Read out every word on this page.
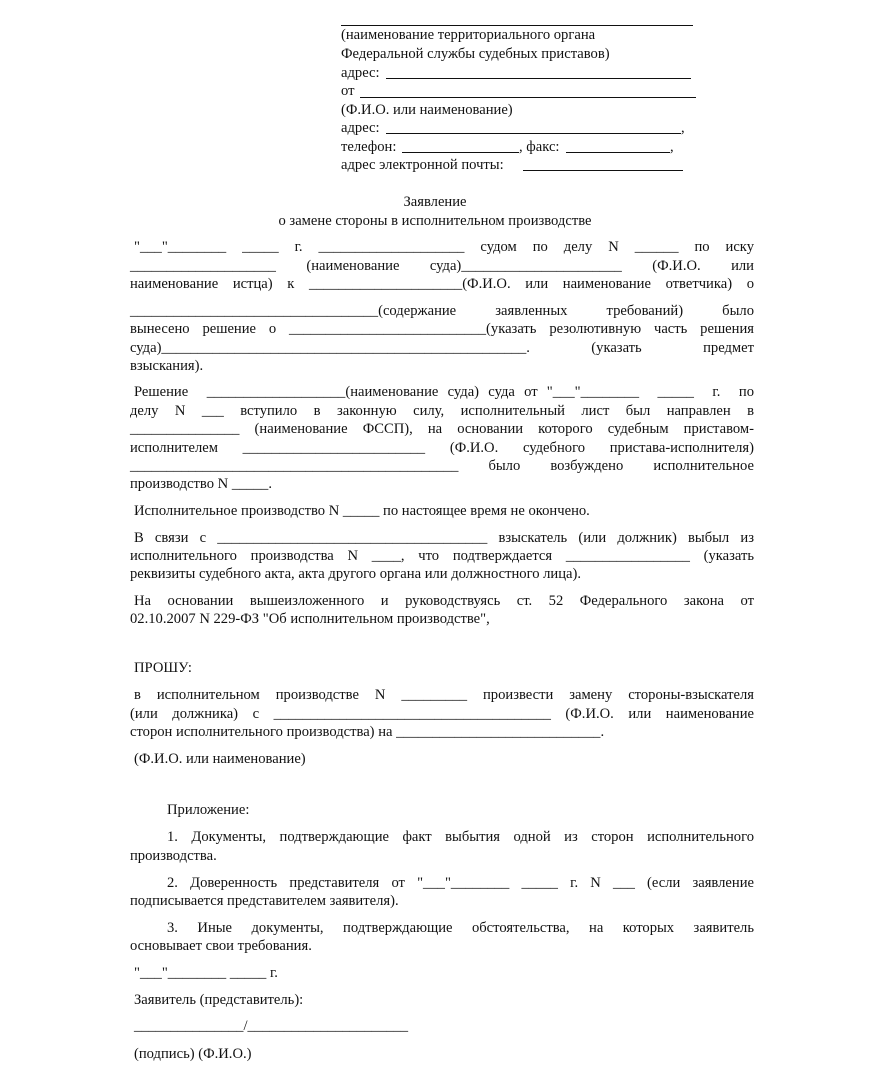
(наименование территориального органа

Федеральной службы судебных приставов)

адрес:

от

(Ф.И.О. или наименование)

адрес:	,

телефон:	, факс:	,

адрес электронной почты:

Заявление

о замене стороны в исполнительном производстве

"___"________  _____  г.  ____________________  судом  по  делу  N  ______  по  иску

____________________  (наименование  суда)______________________  (Ф.И.О.  или

наименование истца) к _____________________(Ф.И.О. или наименование ответчика) о

__________________________________(содержание заявленных требований) было

вынесено решение о ___________________________(указать резолютивную часть решения

суда)__________________________________________________.       (указать       предмет

взыскания).

Решение  ___________________(наименование суда) суда от "___"________  _____  г.  по

делу  N  ___  вступило  в  законную  силу,  исполнительный  лист  был  направлен  в

_______________ (наименование ФССП), на основании которого судебным приставом-

исполнителем    _________________________    (Ф.И.О.    судебного    пристава-исполнителя)

_____________________________________________     было     возбуждено     исполнительное

производство N _____.

Исполнительное производство N _____ по настоящее время не окончено.

В связи с _____________________________________ взыскатель (или должник) выбыл из

исполнительного производства N ____, что подтверждается _________________ (указать

реквизиты судебного акта, акта другого органа или должностного лица).

На  основании  вышеизложенного  и  руководствуясь  ст.  52  Федерального  закона  от

02.10.2007 N 229-ФЗ "Об исполнительном производстве",

ПРОШУ:

в исполнительном производстве N _________ произвести замену стороны-взыскателя

(или должника) с ______________________________________ (Ф.И.О. или наименование

сторон исполнительного производства) на ____________________________.

(Ф.И.О. или наименование)

Приложение:

1.  Документы,  подтверждающие  факт  выбытия  одной  из  сторон  исполнительного

производства.

2.  Доверенность  представителя  от  "___"________  _____  г.  N  ___  (если  заявление

подписывается представителем заявителя).

3.  Иные  документы,  подтверждающие  обстоятельства,  на  которых  заявитель

основывает свои требования.

"___"________ _____ г.

Заявитель (представитель):

_______________/______________________

(подпись) (Ф.И.О.)
